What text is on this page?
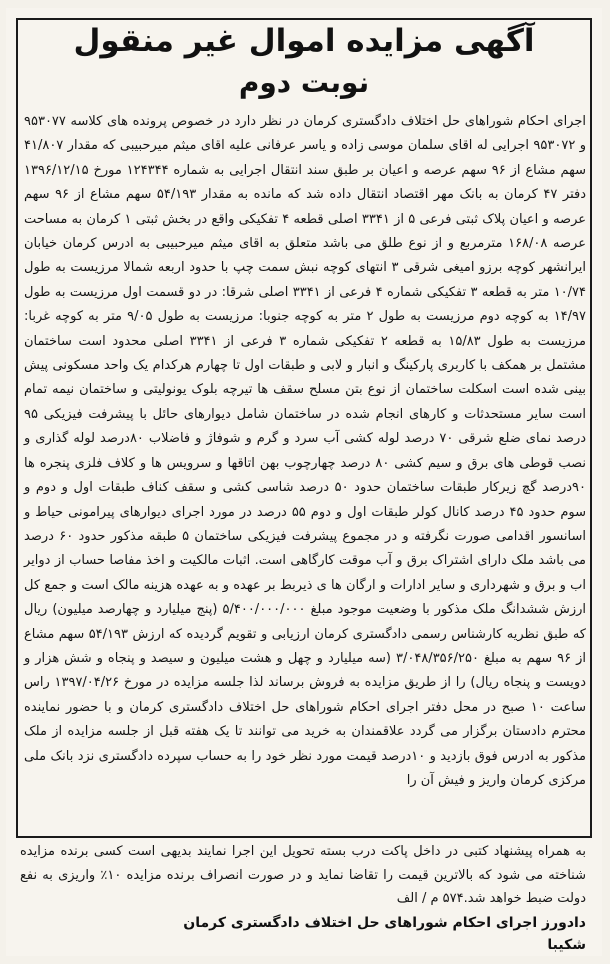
آگهی مزایده اموال غیر منقول
نوبت دوم
اجرای احکام شوراهای حل اختلاف دادگستری کرمان در نظر دارد در خصوص پرونده های کلاسه ۹۵۳۰۷۷ و ۹۵۳۰۷۲ اجرایی له اقای سلمان موسی زاده و یاسر عرفانی علیه اقای میثم میرحبیبی که مقدار ۴۱/۸۰۷ سهم مشاع از ۹۶ سهم عرصه و اعیان بر طبق سند انتقال اجرایی به شماره ۱۲۴۳۴۴ مورخ ۱۳۹۶/۱۲/۱۵ دفتر ۴۷ کرمان به بانک مهر اقتصاد انتقال داده شد که مانده به مقدار ۵۴/۱۹۳ سهم مشاع از ۹۶ سهم عرصه و اعیان پلاک ثبتی فرعی ۵ از ۳۳۴۱ اصلی قطعه ۴ تفکیکی واقع در بخش ثبتی ۱ کرمان به مساحت عرصه ۱۶۸/۰۸ مترمربع و از نوع طلق می باشد متعلق به اقای میثم میرحبیبی به ادرس کرمان خیابان ایرانشهر کوچه برزو امیغی شرقی ۳ انتهای کوچه نبش سمت چپ با حدود اربعه شمالا مرزیست به طول ۱۰/۷۴ متر به قطعه ۳ تفکیکی شماره ۴ فرعی از ۳۳۴۱ اصلی شرقا: در دو قسمت اول مرزیست به طول ۱۴/۹۷ به کوچه دوم مرزیست به طول ۲ متر به کوچه جنوبا: مرزیست به طول ۹/۰۵ متر به کوچه غربا: مرزیست به طول ۱۵/۸۳ به قطعه ۲ تفکیکی شماره ۳ فرعی از ۳۳۴۱ اصلی محدود است ساختمان مشتمل بر همکف با کاربری پارکینگ و انبار و لابی و طبقات اول تا چهارم هرکدام یک واحد مسکونی پیش بینی شده است اسکلت ساختمان از نوع بتن مسلح سقف ها تیرچه بلوک یونولیتی و ساختمان نیمه تمام است سایر مستحدثات و کارهای انجام شده در ساختمان شامل دیوارهای حائل با پیشرفت فیزیکی ۹۵ درصد نمای ضلع شرقی ۷۰ درصد لوله کشی آب سرد و گرم و شوفاژ و فاضلاب ۸۰درصد لوله گذاری و نصب قوطی های برق و سیم کشی ۸۰ درصد چهارچوب بهن اتاقها و سرویس ها و کلاف فلزی پنجره ها ۹۰درصد گچ زیرکار طبقات ساختمان حدود ۵۰ درصد شاسی کشی و سقف کناف طبقات اول و دوم و سوم حدود ۴۵ درصد کانال کولر طبقات اول و دوم ۵۵ درصد در مورد اجرای دیوارهای پیرامونی حیاط و اسانسور اقدامی صورت نگرفته و در مجموع پیشرفت فیزیکی ساختمان ۵ طبقه مذکور حدود ۶۰ درصد می باشد ملک دارای اشتراک برق و آب موقت کارگاهی است. اثبات مالکیت و اخذ مفاصا حساب از دوایر اب و برق و شهرداری و سایر ادارات و ارگان ها ی ذیربط بر عهده و به عهده هزینه مالک است و جمع کل ارزش ششدانگ ملک مذکور با وضعیت موجود مبلغ ۵/۴۰۰/۰۰۰/۰۰۰ (پنج میلیارد و چهارصد میلیون) ریال که طبق نظریه کارشناس رسمی دادگستری کرمان ارزیابی و تقویم گردیده که ارزش ۵۴/۱۹۳ سهم مشاع از ۹۶ سهم به مبلغ ۳/۰۴۸/۳۵۶/۲۵۰ (سه میلیارد و چهل و هشت میلیون و سیصد و پنجاه و شش هزار و دویست و پنجاه ریال) را از طریق مزایده به فروش برساند لذا جلسه مزایده در مورخ ۱۳۹۷/۰۴/۲۶ راس ساعت ۱۰ صبح در محل دفتر اجرای احکام شوراهای حل اختلاف دادگستری کرمان و با حضور نماینده محترم دادستان برگزار می گردد علاقمندان به خرید می توانند تا یک هفته قبل از جلسه مزایده از ملک مذکور به ادرس فوق بازدید و ۱۰درصد قیمت مورد نظر خود را به حساب سپرده دادگستری نزد بانک ملی مرکزی کرمان واریز و فیش آن را
به همراه پیشنهاد کتبی در داخل پاکت درب بسته تحویل این اجرا نمایند بدیهی است کسی برنده مزایده شناخته می شود که بالاترین قیمت را تقاضا نماید و در صورت انصراف برنده مزایده ۱۰٪ واریزی به نفع دولت ضبط خواهد شد.۵۷۴ م / الف
دادورز اجرای احکام شوراهای حل اختلاف دادگستری کرمان
شکیبا
